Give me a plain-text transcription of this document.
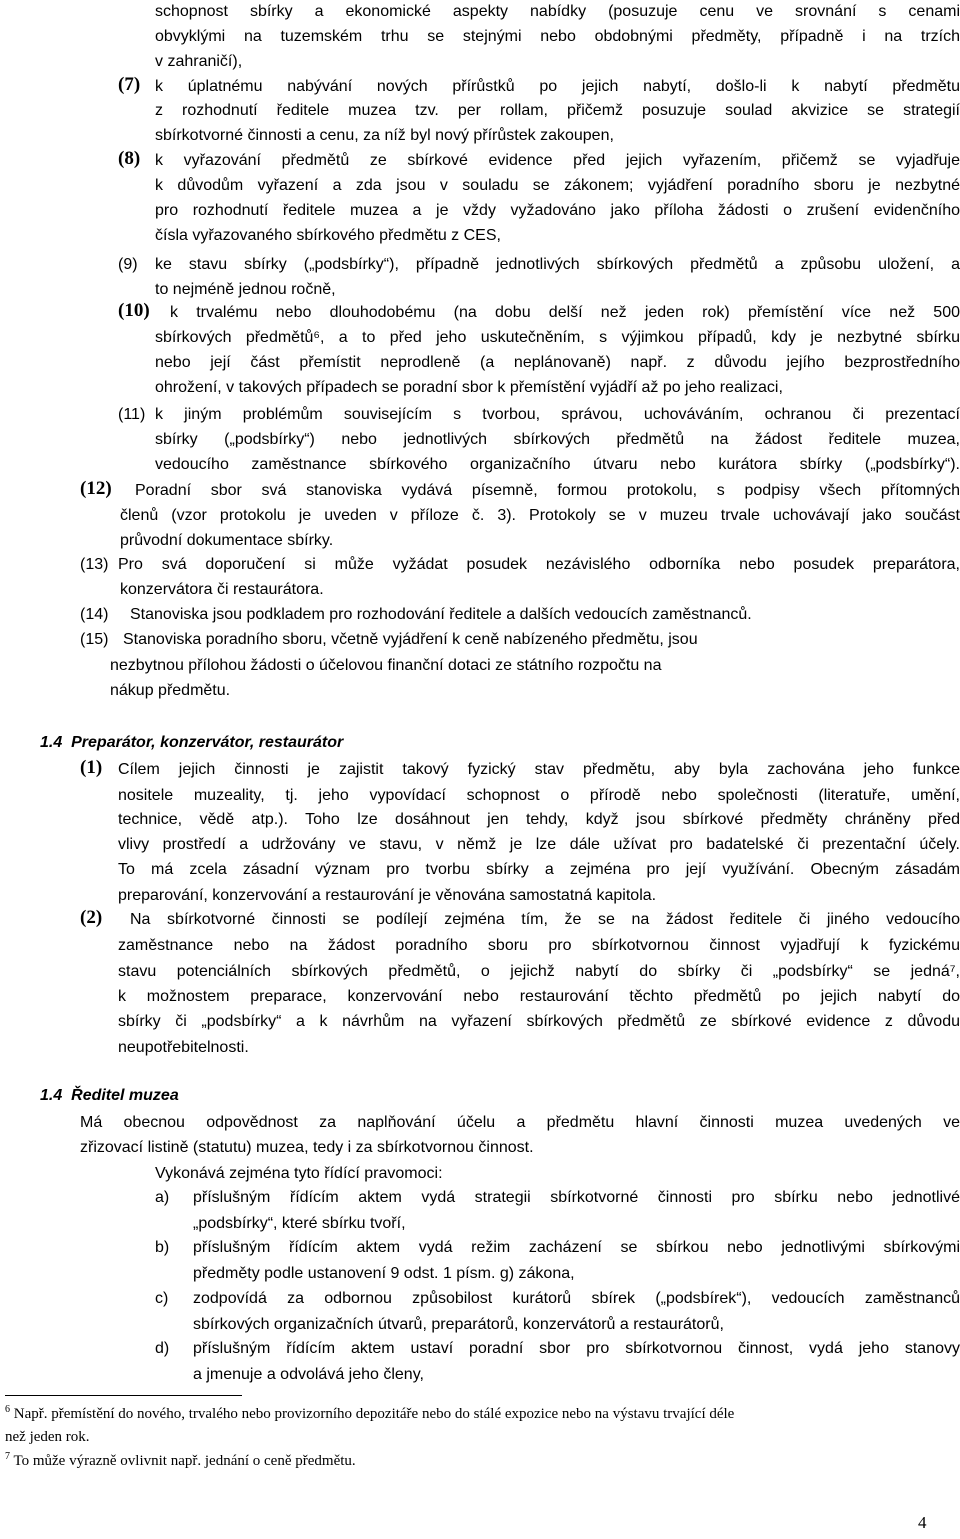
schopnost sbírky a ekonomické aspekty nabídky (posuzuje cenu ve srovnání s cenami
obvyklými na tuzemském trhu se stejnými nebo obdobnými předměty, případně i na trzích
v zahraničí),
(7) k úplatnému nabývání nových přírůstků po jejich nabytí, došlo-li k nabytí předmětu
z rozhodnutí ředitele muzea tzv. per rollam, přičemž posuzuje soulad akvizice se strategií
sbírkotvorné činnosti a cenu, za níž byl nový přírůstek zakoupen,
(8) k vyřazování předmětů ze sbírkové evidence před jejich vyřazením, přičemž se vyjadřuje
k důvodům vyřazení a zda jsou v souladu se zákonem; vyjádření poradního sboru je nezbytné
pro rozhodnutí ředitele muzea a je vždy vyžadováno jako příloha žádosti o zrušení evidenčního
čísla vyřazovaného sbírkového předmětu z CES,
(9) ke stavu sbírky („podsbírky“), případně jednotlivých sbírkových předmětů a způsobu uložení, a
to nejméně jednou ročně,
(10) k trvalému nebo dlouhodobému (na dobu delší než jeden rok) přemístění více než 500
sbírkových předmětů⁶, a to před jeho uskutečněním, s výjimkou případů, kdy je nezbytné sbírku
nebo její část přemístit neprodleně (a neplánovaně) např. z důvodu jejího bezprostředního
ohrožení, v takových případech se poradní sbor k přemístění vyjádří až po jeho realizaci,
(11) k jiným problémům souvisejícím s tvorbou, správou, uchováváním, ochranou či prezentací
sbírky („podsbírky“) nebo jednotlivých sbírkových předmětů na žádost ředitele muzea,
vedoucího zaměstnance sbírkového organizačního útvaru nebo kurátora sbírky („podsbírky“).
(12) Poradní sbor svá stanoviska vydává písemně, formou protokolu, s podpisy všech přítomných
členů (vzor protokolu je uveden v příloze č. 3). Protokoly se v muzeu trvale uchovávají jako součást
průvodní dokumentace sbírky.
(13) Pro svá doporučení si může vyžádat posudek nezávislého odborníka nebo posudek preparátora,
konzervátora či restaurátora.
(14) Stanoviska jsou podkladem pro rozhodování ředitele a dalších vedoucích zaměstnanců.
(15) Stanoviska poradního sboru, včetně vyjádření k ceně nabízeného předmětu, jsou
nezbytnou přílohou žádosti o účelovou finanční dotaci ze státního rozpočtu na
nákup předmětu.
1.4  Preparátor, konzervátor, restaurátor
(1) Cílem jejich činnosti je zajistit takový fyzický stav předmětu, aby byla zachována jeho funkce
nositele muzeality, tj. jeho vypovídací schopnost o přírodě nebo společnosti (literatuře, umění,
technice, vědě atp.). Toho lze dosáhnout jen tehdy, když jsou sbírkové předměty chráněny před
vlivy prostředí a udržovány ve stavu, v němž je lze dále užívat pro badatelské či prezentační účely.
To má zcela zásadní význam pro tvorbu sbírky a zejména pro její využívání. Obecným zásadám
preparování, konzervování a restaurování je věnována samostatná kapitola.
(2) Na sbírkotvorné činnosti se podílejí zejména tím, že se na žádost ředitele či jiného vedoucího
zaměstnance nebo na žádost poradního sboru pro sbírkotvornou činnost vyjadřují k fyzickému
stavu potenciálních sbírkových předmětů, o jejichž nabytí do sbírky či „podsbírky“ se jedná⁷,
k možnostem preparace, konzervování nebo restaurování těchto předmětů po jejich nabytí do
sbírky či „podsbírky“ a k návrhům na vyřazení sbírkových předmětů ze sbírkové evidence z důvodu
neupotřebitelnosti.
1.4  Ředitel muzea
Má obecnou odpovědnost za naplňování účelu a předmětu hlavní činnosti muzea uvedených ve
zřizovací listině (statutu) muzea, tedy i za sbírkotvornou činnost.
Vykonává zejména tyto řídící pravomoci:
a) příslušným řídícím aktem vydá strategii sbírkotvorné činnosti pro sbírku nebo jednotlivé
„podsbírky“, které sbírku tvoří,
b) příslušným řídícím aktem vydá režim zacházení se sbírkou nebo jednotlivými sbírkovými
předměty podle ustanovení 9 odst. 1 písm. g) zákona,
c) zodpovídá za odbornou způsobilost kurátorů sbírek („podsbírek“), vedoucích zaměstnanců
sbírkových organizačních útvarů, preparátorů, konzervátorů a restaurátorů,
d) příslušným řídícím aktem ustaví poradní sbor pro sbírkotvornou činnost, vydá jeho stanovy
a jmenuje a odvolává jeho členy,
$^6$ Např. přemístění do nového, trvalého nebo provizorního depozitáře nebo do stálé expozice nebo na výstavu trvající déle
než jeden rok.
$^7$ To může výrazně ovlivnit např. jednání o ceně předmětu.
4
